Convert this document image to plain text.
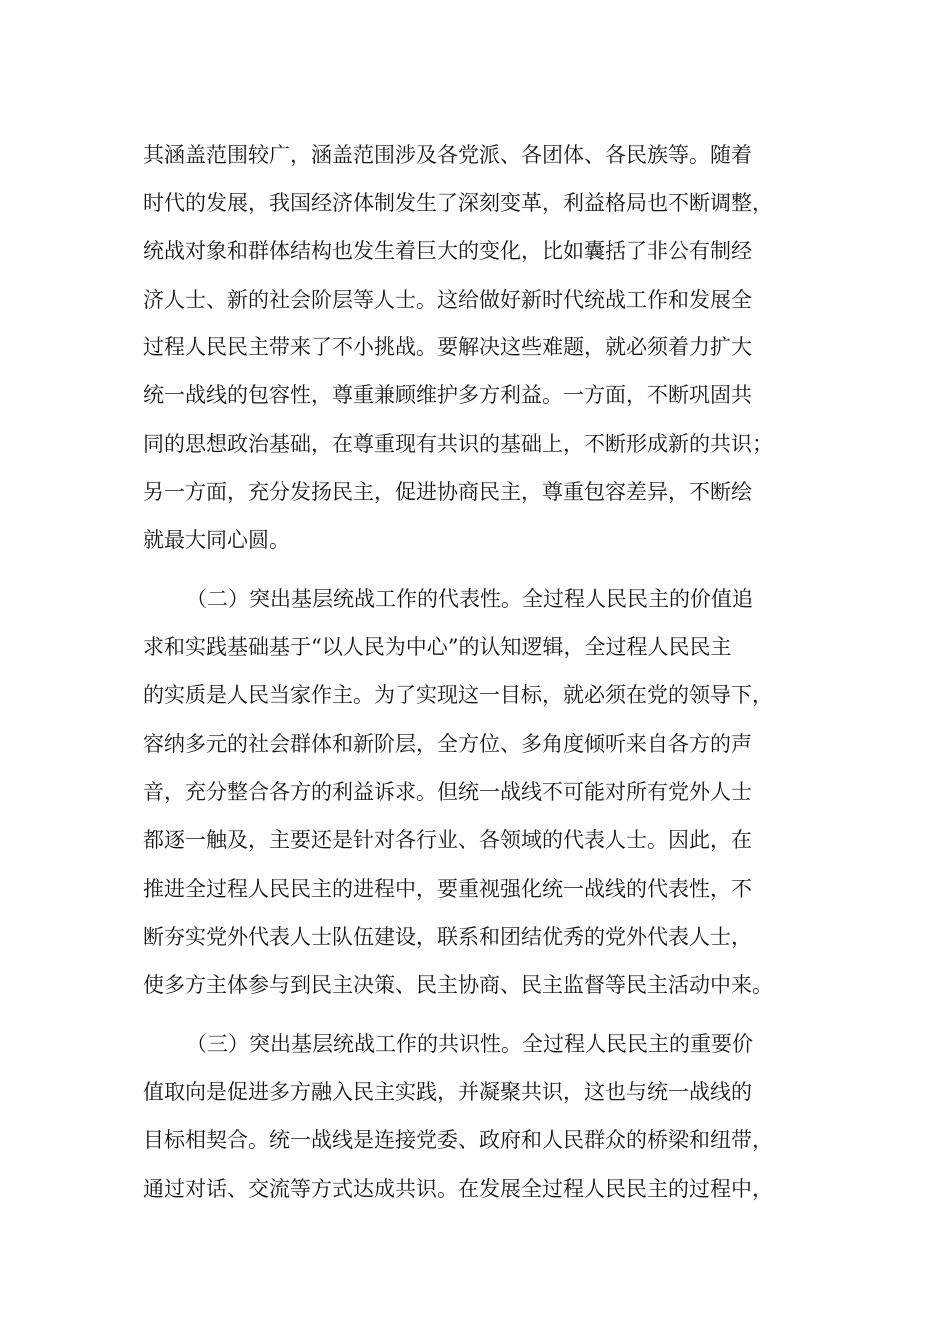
其涵盖范围较广，涵盖范围涉及各党派、各团体、各民族等。随着
时代的发展，我国经济体制发生了深刻变革，利益格局也不断调整，
统战对象和群体结构也发生着巨大的变化，比如囊括了非公有制经
济人士、新的社会阶层等人士。这给做好新时代统战工作和发展全
过程人民民主带来了不小挑战。要解决这些难题，就必须着力扩大
统一战线的包容性，尊重兼顾维护多方利益。一方面，不断巩固共
同的思想政治基础，在尊重现有共识的基础上，不断形成新的共识；
另一方面，充分发扬民主，促进协商民主，尊重包容差异，不断绘
就最大同心圆。
（二）突出基层统战工作的代表性。全过程人民民主的价值追
求和实践基础基于“以人民为中心”的认知逻辑，全过程人民民主
的实质是人民当家作主。为了实现这一目标，就必须在党的领导下，
容纳多元的社会群体和新阶层，全方位、多角度倾听来自各方的声
音，充分整合各方的利益诉求。但统一战线不可能对所有党外人士
都逐一触及，主要还是针对各行业、各领域的代表人士。因此，在
推进全过程人民民主的进程中，要重视强化统一战线的代表性，不
断夯实党外代表人士队伍建设，联系和团结优秀的党外代表人士，
使多方主体参与到民主决策、民主协商、民主监督等民主活动中来。
（三）突出基层统战工作的共识性。全过程人民民主的重要价
值取向是促进多方融入民主实践，并凝聚共识，这也与统一战线的
目标相契合。统一战线是连接党委、政府和人民群众的桥梁和纽带，
通过对话、交流等方式达成共识。在发展全过程人民民主的过程中，
